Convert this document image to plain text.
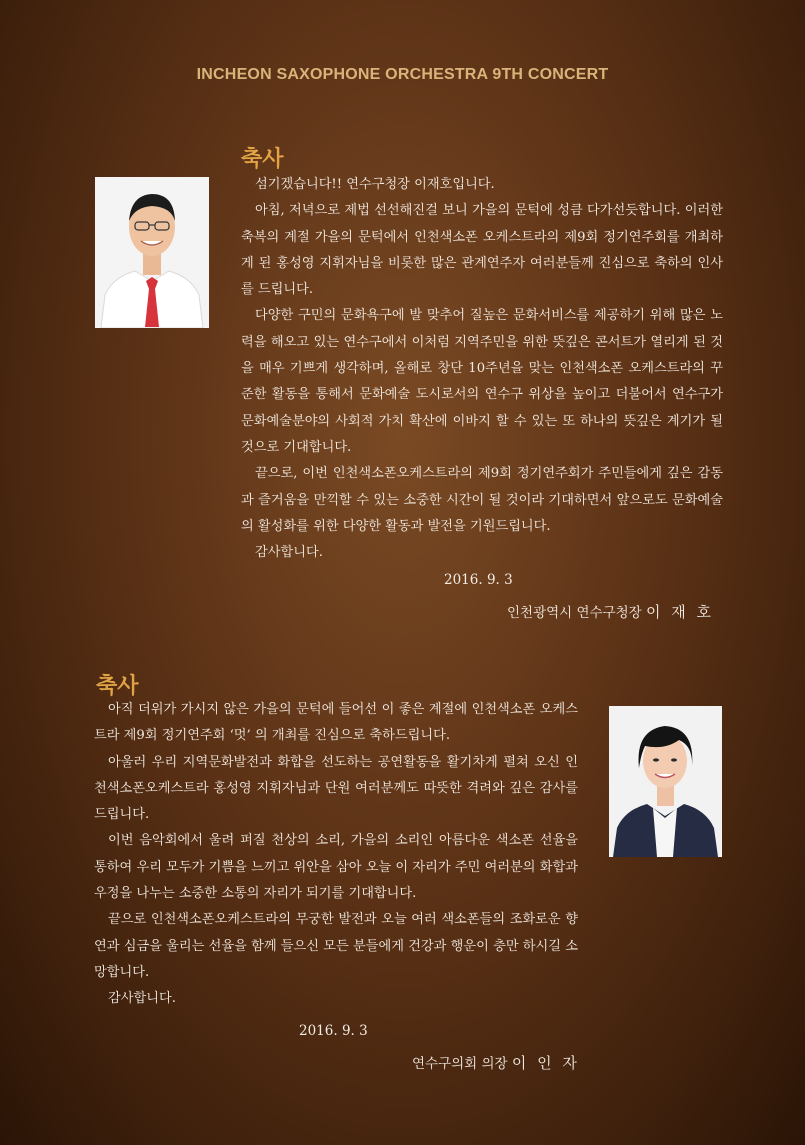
INCHEON SAXOPHONE ORCHESTRA 9TH CONCERT
축사

섬기겠습니다!! 연수구청장 이재호입니다.

아침, 저녁으로 제법 선선해진걸 보니 가을의 문턱에 성큼 다가선듯합니다. 이러한 축복의 계절 가을의 문턱에서 인천색소폰 오케스트라의 제9회 정기연주회를 개최하게 된 홍성영 지휘자님을 비롯한 많은 관계연주자 여러분들께 진심으로 축하의 인사를 드립니다.

다양한 구민의 문화욕구에 발 맞추어 질높은 문화서비스를 제공하기 위해 많은 노력을 해오고 있는 연수구에서 이처럼 지역주민을 위한 뜻깊은 콘서트가 열리게 된 것을 매우 기쁘게 생각하며, 올해로 창단 10주년을 맞는 인천색소폰 오케스트라의 꾸준한 활동을 통해서 문화예술 도시로서의 연수구 위상을 높이고 더불어서 연수구가 문화예술분야의 사회적 가치 확산에 이바지 할 수 있는 또 하나의 뜻깊은 계기가 될 것으로 기대합니다.

끝으로, 이번 인천색소폰오케스트라의 제9회 정기연주회가 주민들에게 깊은 감동과 즐거움을 만끽할 수 있는 소중한 시간이 될 것이라 기대하면서 앞으로도 문화예술의 활성화를 위한 다양한 활동과 발전을 기원드립니다.

감사합니다.

2016. 9. 3
인천광역시 연수구청장 이 재 호
축사

아직 더위가 가시지 않은 가을의 문턱에 들어선 이 좋은 계절에 인천색소폰 오케스트라 제9회 정기연주회 ‘멋’ 의 개최를 진심으로 축하드립니다.

아울러 우리 지역문화발전과 화합을 선도하는 공연활동을 활기차게 펼쳐 오신 인천색소폰오케스트라 홍성영 지휘자님과 단원 여러분께도 따뜻한 격려와 깊은 감사를 드립니다.

이번 음악회에서 울려 퍼질 천상의 소리, 가을의 소리인 아름다운 색소폰 선율을 통하여 우리 모두가 기쁨을 느끼고 위안을 삼아 오늘 이 자리가 주민 여러분의 화합과 우정을 나누는 소중한 소통의 자리가 되기를 기대합니다.

끝으로 인천색소폰오케스트라의 무궁한 발전과 오늘 여러 색소폰들의 조화로운 향연과 심금을 울리는 선율을 함께 들으신 모든 분들에게 건강과 행운이 충만 하시길 소망합니다.

감사합니다.

2016. 9. 3
연수구의회 의장 이 인 자
